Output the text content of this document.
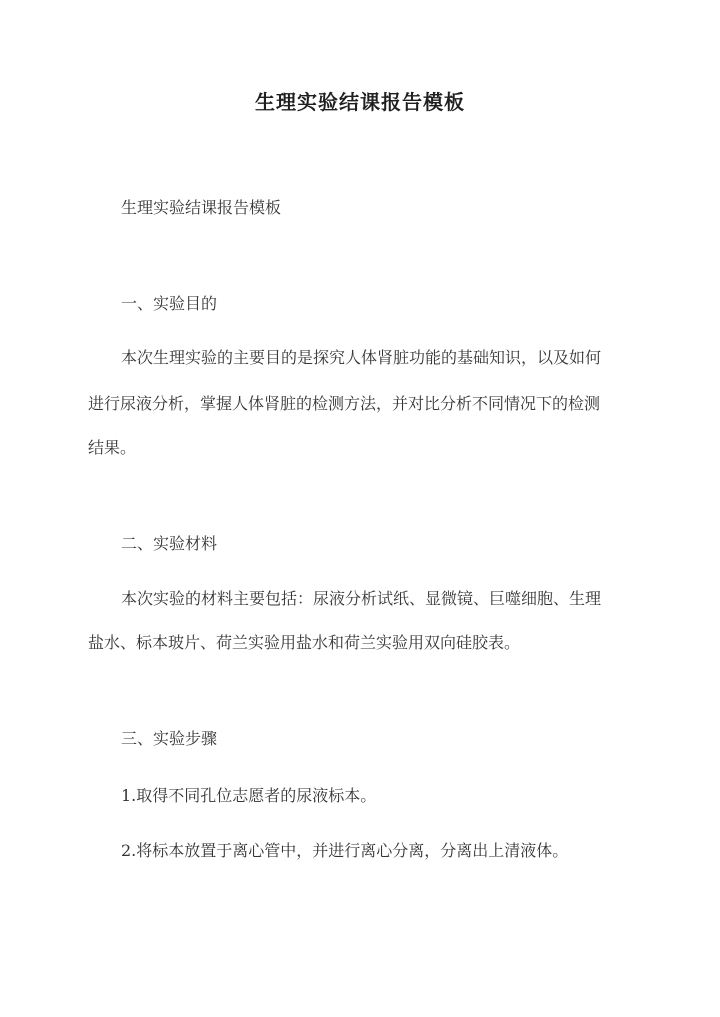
生理实验结课报告模板
生理实验结课报告模板
一、实验目的
本次生理实验的主要目的是探究人体肾脏功能的基础知识，以及如何
进行尿液分析，掌握人体肾脏的检测方法，并对比分析不同情况下的检测
结果。
二、实验材料
本次实验的材料主要包括：尿液分析试纸、显微镜、巨噬细胞、生理
盐水、标本玻片、荷兰实验用盐水和荷兰实验用双向硅胶表。
三、实验步骤
1.取得不同孔位志愿者的尿液标本。
2.将标本放置于离心管中，并进行离心分离，分离出上清液体。
